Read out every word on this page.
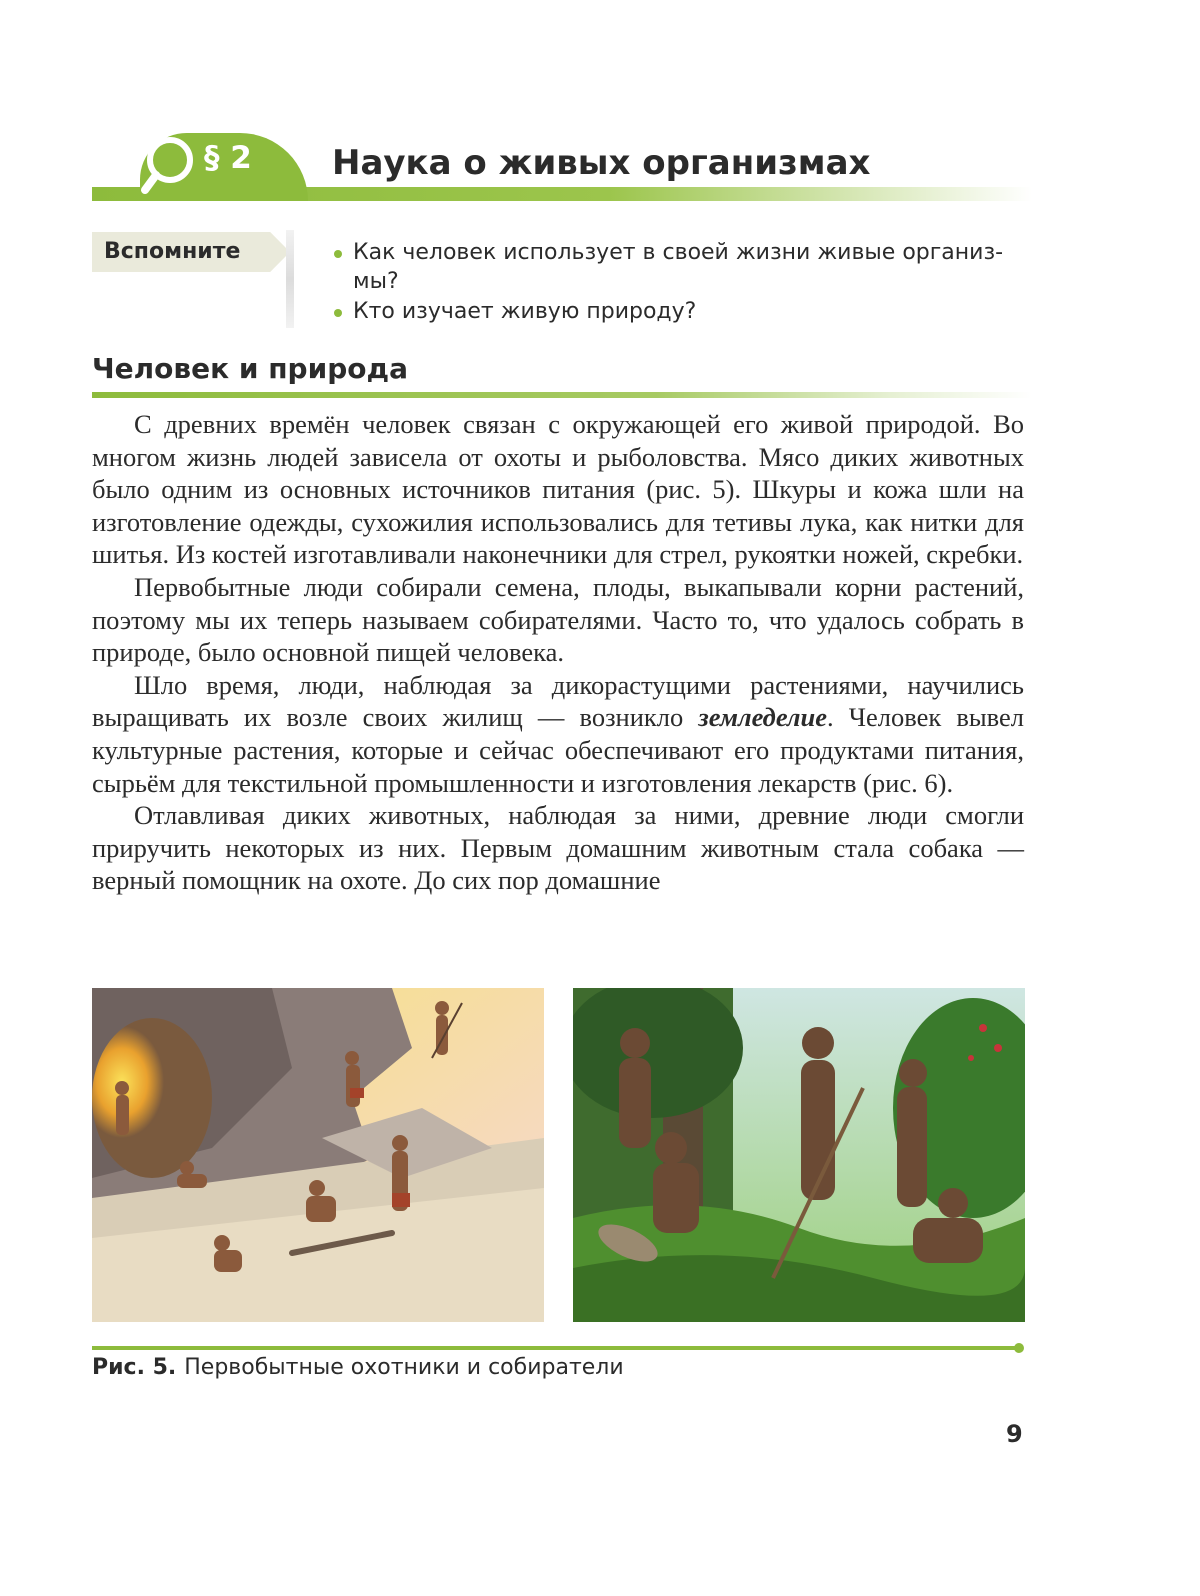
§ 2 Наука о живых организмах
Вспомните	Как человек использует в своей жизни живые организ-мы?
Кто изучает живую природу?
Человек и природа

С древних времён человек связан с окружающей его живой природой. Во многом жизнь людей зависела от охоты и рыболовства. Мясо диких животных было одним из основных источников питания (рис. 5). Шкуры и кожа шли на изготовление одежды, сухожилия использовались для тетивы лука, как нитки для шитья. Из костей изготавливали наконечники для стрел, рукоятки ножей, скребки.

Первобытные люди собирали семена, плоды, выкапывали корни растений, поэтому мы их теперь называем собирателями. Часто то, что удалось собрать в природе, было основной пищей человека.

Шло время, люди, наблюдая за дикорастущими растениями, научились выращивать их возле своих жилищ — возникло земледелие. Человек вывел культурные растения, которые и сейчас обеспечивают его продуктами питания, сырьём для текстильной промышленности и изготовления лекарств (рис. 6).

Отлавливая диких животных, наблюдая за ними, древние люди смогли приручить некоторых из них. Первым домашним животным стала собака — верный помощник на охоте. До сих пор домашние

Рис. 5. Первобытные охотники и собиратели
9
